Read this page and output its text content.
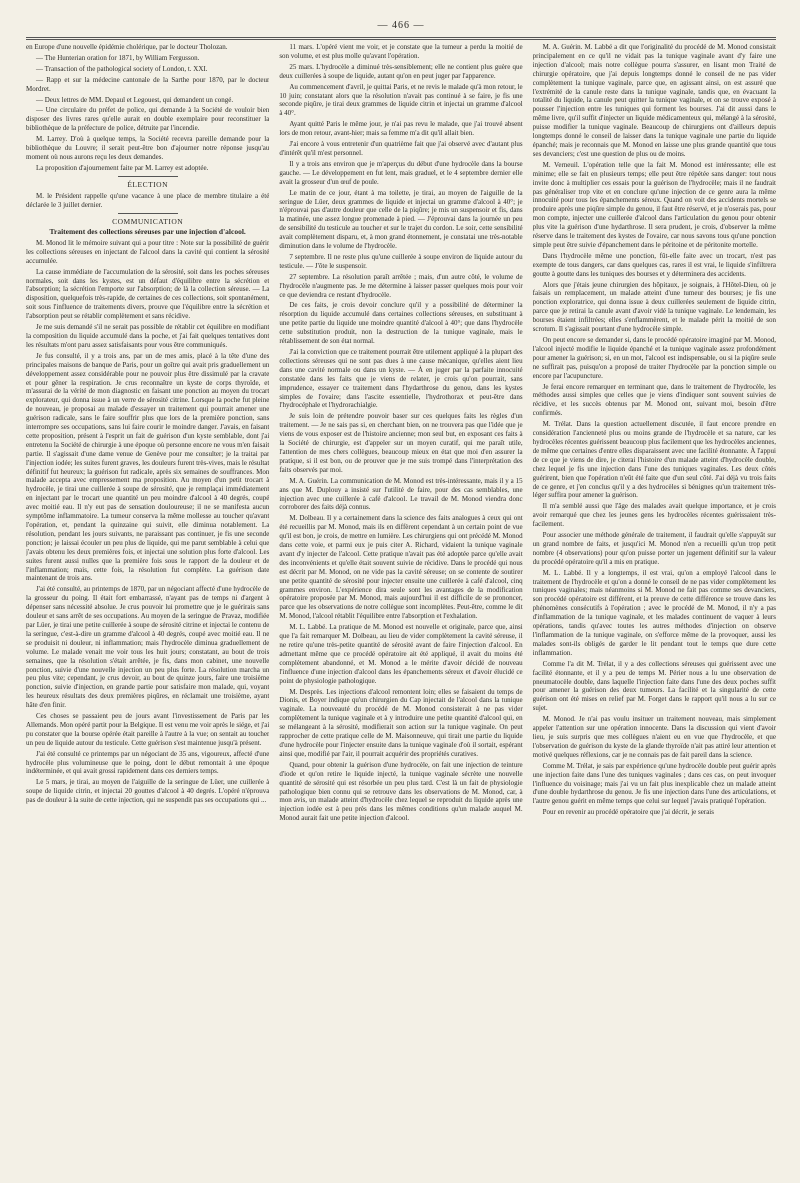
— 466 —

en Europe d'une nouvelle épidémie cholérique, par le docteur Tholozan.

— The Hunterian oration for 1871, by William Fergusson.

— Transaction of the pathological society of London, t. XXI.

— Rapp et sur la médecine cantonale de la Sarthe pour 1870, par le docteur Mordret.

— Deux lettres de MM. Depaul et Legouest, qui demandent un congé.

— Une circulaire du préfet de police, qui demande à la Société de vouloir bien disposer des livres rares qu'elle aurait en double exemplaire pour reconstituer la bibliothèque de la préfecture de police, détruite par l'incendie.

M. Larrey. D'où à quelque temps, la Société recevra pareille demande pour la bibliothèque du Louvre; il serait peut-être bon d'ajourner notre réponse jusqu'au moment où nous aurons reçu les deux demandes.

La proposition d'ajournement faite par M. Larrey est adoptée.

ÉLECTION

M. le Président rappelle qu'une vacance à une place de membre titulaire a été déclarée le 3 juillet dernier.

COMMUNICATION
Traitement des collections séreuses par une injection d'alcool.

M. Monod lit le mémoire suivant qui a pour titre : Note sur la possibilité de guérir les collections séreuses en injectant de l'alcool dans la cavité qui contient la sérosité accumulée.

La cause immédiate de l'accumulation de la sérosité, soit dans les poches séreuses normales, soit dans les kystes, est un défaut d'équilibre entre la sécrétion et l'absorption; la sécrétion l'emporte sur l'absorption; de là la collection séreuse. — La disposition, quelquefois très-rapide, de certaines de ces collections, soit spontanément, soit sous l'influence de traitements divers, prouve que l'équilibre entre la sécrétion et l'absorption peut se rétablir complètement et sans récidive.

Je me suis demandé s'il ne serait pas possible de rétablir cet équilibre en modifiant la composition du liquide accumulé dans la poche, et j'ai fait quelques tentatives dont les résultats m'ont paru assez satisfaisants pour vous être communiqués.

Je fus consulté, il y a trois ans, par un de mes amis, placé à la tête d'une des principales maisons de banque de Paris, pour un goître qui avait pris graduellement un développement assez considérable pour ne pouvoir plus être dissimulé par la cravate et pour gêner la respiration. Je crus reconnaître un kyste de corps thyroïde, et m'assurai de la vérité de mon diagnostic en faisant une ponction au moyen du trocart explorateur, qui donna issue à un verre de sérosité citrine. Lorsque la poche fut pleine de nouveau, je proposai au malade d'essayer un traitement qui pourrait amener une guérison radicale, sans le faire souffrir plus que lors de la première ponction, sans interrompre ses occupations, sans lui faire courir le moindre danger. J'avais, en faisant cette proposition, présent à l'esprit un fait de guérison d'un kyste semblable, dont j'ai entretenu la Société de chirurgie à une époque où personne encore ne vous m'en faisait partie. Il s'agissait d'une dame venue de Genève pour me consulter; je la traitai par l'injection iodée; les suites furent graves, les douleurs furent très-vives, mais le résultat définitif fut heureux; la guérison fut radicale, après six semaines de souffrances. Mon malade accepta avec empressement ma proposition. Au moyen d'un petit trocart à hydrocèle, je tirai une cuillerée à soupe de sérosité, que je remplaçai immédiatement en injectant par le trocart une quantité un peu moindre d'alcool à 40 degrés, coupé avec moitié eau. Il n'y eut pas de sensation douloureuse; il ne se manifesta aucun symptôme inflammatoire. La tumeur conserva la même mollesse au toucher qu'avant l'opération, et, pendant la quinzaine qui suivit, elle diminua notablement. La résolution, pendant les jours suivants, ne paraissant pas continuer, je fis une seconde ponction; je laissai écouler un peu plus de liquide, qui me parut semblable à celui que j'avais obtenu les deux premières fois, et injectai une solution plus forte d'alcool. Les suites furent aussi nulles que la première fois sous le rapport de la douleur et de l'inflammation; mais, cette fois, la résolution fut complète. La guérison date maintenant de trois ans.

J'ai été consulté, au printemps de 1870, par un négociant affecté d'une hydrocèle de la grosseur du poing. Il était fort embarrassé, n'ayant pas de temps ni d'argent à dépenser sans nécessité absolue. Je crus pouvoir lui promettre que je le guérirais sans douleur et sans arrêt de ses occupations. Au moyen de la seringue de Pravaz, modifiée par Lüer, je tirai une petite cuillerée à soupe de sérosité citrine et injectai le contenu de la seringue, c'est-à-dire un gramme d'alcool à 40 degrés, coupé avec moitié eau. Il ne se produisit ni douleur, ni inflammation; mais l'hydrocèle diminua graduellement de volume. Le malade venait me voir tous les huit jours; constatant, au bout de trois semaines, que la résolution s'était arrêtée, je fis, dans mon cabinet, une nouvelle ponction, suivie d'une nouvelle injection un peu plus forte. La résolution marcha un peu plus vite; cependant, je crus devoir, au bout de quinze jours, faire une troisième ponction, suivie d'injection, en grande partie pour satisfaire mon malade, qui, voyant les heureux résultats des deux premières piqûres, en réclamait une troisième, ayant hâte d'en finir.

Ces choses se passaient peu de jours avant l'investissement de Paris par les Allemands. Mon opéré partit pour la Belgique. Il est venu me voir après le siége, et j'ai pu constater que la bourse opérée était pareille à l'autre à la vue; on sentait au toucher un peu de liquide autour du testicule. Cette guérison s'est maintenue jusqu'à présent.

J'ai été consulté ce printemps par un négociant de 35 ans, vigoureux, affecté d'une hydrocèle plus volumineuse que le poing, dont le début remontait à une époque indéterminée, et qui avait grossi rapidement dans ces derniers temps.

Le 5 mars, je tirai, au moyen de l'aiguille de la seringue de Lüer, une cuillerée à soupe de liquide citrin, et injectai 20 gouttes d'alcool à 40 degrés. L'opéré n'éprouva pas de douleur à la suite de cette injection, qui ne suspendit pas ses occupations qui ...

11 mars. L'opéré vient me voir, et je constate que la tumeur a perdu la moitié de son volume, et est plus molle qu'avant l'opération.

25 mars. L'hydrocèle a diminué très-sensiblement; elle ne contient plus guère que deux cuillerées à soupe de liquide, autant qu'on en peut juger par l'apparence.

Au commencement d'avril, je quittai Paris, et ne revis le malade qu'à mon retour, le 10 juin; constatant alors que la résolution n'avait pas continué à se faire, je fis une seconde piqûre, je tirai deux grammes de liquide citrin et injectai un gramme d'alcool à 40°.

Ayant quitté Paris le même jour, je n'ai pas revu le malade, que j'ai trouvé absent lors de mon retour, avant-hier; mais sa femme m'a dit qu'il allait bien.

J'ai encore à vous entretenir d'un quatrième fait que j'ai observé avec d'autant plus d'intérêt qu'il m'est personnel.

Il y a trois ans environ que je m'aperçus du début d'une hydrocèle dans la bourse gauche. — Le développement en fut lent, mais graduel, et le 4 septembre dernier elle avait la grosseur d'un œuf de poule.

Le matin de ce jour, étant à ma toilette, je tirai, au moyen de l'aiguille de la seringue de Lüer, deux grammes de liquide et injectai un gramme d'alcool à 40°; je n'éprouvai pas d'autre douleur que celle de la piqûre; je mis un suspensoir et fis, dans la matinée, une assez longue promenade à pied. — J'éprouvai dans la journée un peu de sensibilité du testicule au toucher et sur le trajet du cordon. Le soir, cette sensibilité avait complètement disparu, et, à mon grand étonnement, je constatai une très-notable diminution dans le volume de l'hydrocèle.

7 septembre. Il ne reste plus qu'une cuillerée à soupe environ de liquide autour du testicule. — J'ôte le suspensoir.

27 septembre. La résolution paraît arrêtée ; mais, d'un autre côté, le volume de l'hydrocèle n'augmente pas. Je me détermine à laisser passer quelques mois pour voir ce que deviendra ce restant d'hydrocèle.

De ces faits, je crois devoir conclure qu'il y a possibilité de déterminer la résorption du liquide accumulé dans certaines collections séreuses, en substituant à une petite partie du liquide une moindre quantité d'alcool à 40°; que dans l'hydrocèle cette substitution produit, non la destruction de la tunique vaginale, mais le rétablissement de son état normal.

J'ai la conviction que ce traitement pourrait être utilement appliqué à la plupart des collections séreuses qui ne sont pas dues à une cause mécanique, qu'elles aient lieu dans une cavité normale ou dans un kyste. — À en juger par la parfaite innocuité constatée dans les faits que je viens de relater, je crois qu'on pourrait, sans imprudence, essayer ce traitement dans l'hydarthrose du genou, dans les kystes simples de l'ovaire; dans l'ascite essentielle, l'hydrothorax et peut-être dans l'hydrocéphale et l'hydrorachialgie.

Je suis loin de prétendre pouvoir baser sur ces quelques faits les règles d'un traitement. — Je ne sais pas si, en cherchant bien, on ne trouvera pas que l'idée que je viens de vous exposer est de l'histoire ancienne; mon seul but, en exposant ces faits à la Société de chirurgie, est d'appeler sur un moyen curatif, qui me paraît utile, l'attention de mes chers collègues, beaucoup mieux en état que moi d'en assurer la pratique, si il est bon, ou de prouver que je me suis trompé dans l'interprétation des faits observés par moi.

M. A. Guérin. La communication de M. Monod est très-intéressante, mais il y a 15 ans que M. Duplouy a insisté sur l'utilité de faire, pour des cas semblables, une injection avec une cuillerée à café d'alcool. Le travail de M. Monod viendra donc corroborer des faits déjà connus.

M. Dolbeau. Il y a certainement dans la science des faits analogues à ceux qui ont été recueillis par M. Monod, mais ils en diffèrent cependant à un certain point de vue qu'il est bon, je crois, de mettre en lumière. Les chirurgiens qui ont précédé M. Monod dans cette voie, et parmi eux je puis citer A. Richard, vidaient la tunique vaginale avant d'y injecter de l'alcool. Cette pratique n'avait pas été adoptée parce qu'elle avait des inconvénients et qu'elle était souvent suivie de récidive. Dans le procédé qui nous est décrit par M. Monod, on ne vide pas la cavité séreuse; on se contente de soutirer une petite quantité de sérosité pour injecter ensuite une cuillerée à café d'alcool, cinq grammes environ. L'expérience dira seule sont les avantages de la modification opératoire proposée par M. Monod, mais aujourd'hui il est difficile de se prononcer, parce que les observations de notre collègue sont incomplètes. Peut-être, comme le dit M. Monod, l'alcool rétablit l'équilibre entre l'absorption et l'exhalation.

M. L. Labbé. La pratique de M. Monod est nouvelle et originale, parce que, ainsi que l'a fait remarquer M. Dolbeau, au lieu de vider complètement la cavité séreuse, il ne retire qu'une très-petite quantité de sérosité avant de faire l'injection d'alcool. En admettant même que ce procédé opératoire ait été appliqué, il avait du moins été complètement abandonné, et M. Monod a le mérite d'avoir décidé de nouveau l'influence d'une injection d'alcool dans les épanchements séreux et d'avoir élucidé ce point de physiologie pathologique.

M. Desprès. Les injections d'alcool remontent loin; elles se faisaient du temps de Dionis, et Boyer indique qu'un chirurgien du Cap injectait de l'alcool dans la tunique vaginale. La nouveauté du procédé de M. Monod consisterait à ne pas vider complètement la tunique vaginale et à y introduire une petite quantité d'alcool qui, en se mélangeant à la sérosité, modifierait son action sur la tunique vaginale. On peut rapprocher de cette pratique celle de M. Maisonneuve, qui tirait une partie du liquide d'une hydrocèle pour l'injecter ensuite dans la tunique vaginale d'où il sortait, espérant ainsi que, modifié par l'air, il pourrait acquérir des propriétés curatives.

Quand, pour obtenir la guérison d'une hydrocèle, on fait une injection de teinture d'iode et qu'on retire le liquide injecté, la tunique vaginale sécrète une nouvelle quantité de sérosité qui est résorbée un peu plus tard. C'est là un fait de physiologie pathologique bien connu qui se retrouve dans les observations de M. Monod, car, à mon avis, un malade atteint d'hydrocèle chez lequel se reproduit du liquide après une injection iodée est à peu près dans les mêmes conditions qu'un malade auquel M. Monod aurait fait une petite injection d'alcool.

M. A. Guérin. M. Labbé a dit que l'originalité du procédé de M. Monod consistait principalement en ce qu'il ne vidait pas la tunique vaginale avant d'y faire une injection d'alcool; mais notre collègue pourra s'assurer, en lisant mon Traité de chirurgie opératoire, que j'ai depuis longtemps donné le conseil de ne pas vider complètement la tunique vaginale, parce que, en agissant ainsi, on est assuré que l'extrémité de la canule reste dans la tunique vaginale, tandis que, en évacuant la totalité du liquide, la canule peut quitter la tunique vaginale, et on se trouve exposé à pousser l'injection entre les tuniques qui forment les bourses. J'ai dit aussi dans le même livre, qu'il suffit d'injecter un liquide médicamenteux qui, mélangé à la sérosité, puisse modifier la tunique vaginale. Beaucoup de chirurgiens ont d'ailleurs depuis longtemps donné le conseil de laisser dans la tunique vaginale une partie du liquide épanché; mais je reconnais que M. Monod en laisse une plus grande quantité que tous ses devanciers; c'est une question de plus ou de moins.

M. Verneuil. L'opération telle que la fait M. Monod est intéressante; elle est minime; elle se fait en plusieurs temps; elle peut être répétée sans danger: tout nous invite donc à multiplier ces essais pour la guérison de l'hydrocèle; mais il ne faudrait pas généraliser trop vite et en conclure qu'une injection de ce genre aura la même innocuité pour tous les épanchements séreux. Quand on voit des accidents mortels se produire après une piqûre simple du genou, il faut être réservé, et je n'oserais pas, pour mon compte, injecter une cuillerée d'alcool dans l'articulation du genou pour obtenir plus vite la guérison d'une hydarthrose. Il sera prudent, je crois, d'observer la même réserve dans le traitement des kystes de l'ovaire, car nous savons tous qu'une ponction simple peut être suivie d'épanchement dans le péritoine et de péritonite mortelle.

Dans l'hydrocèle même une ponction, fût-elle faite avec un trocart, n'est pas exempte de tous dangers, car dans quelques cas, rares il est vrai, le liquide s'infiltrera goutte à goutte dans les tuniques des bourses et y déterminera des accidents.

Alors que j'étais jeune chirurgien des hôpitaux, je soignais, à l'Hôtel-Dieu, où je faisais un remplacement, un malade atteint d'une tumeur des bourses; je fis une ponction exploratrice, qui donna issue à deux cuillerées seulement de liquide citrin, parce que je retirai la canule avant d'avoir vidé la tunique vaginale. Le lendemain, les bourses étaient infiltrées; elles s'enflammèrent, et le malade périt la moitié de son scrotum. Il s'agissait pourtant d'une hydrocèle simple.

On peut encore se demander si, dans le procédé opératoire imaginé par M. Monod, l'alcool injecté modifie le liquide épanché et la tunique vaginale assez profondément pour amener la guérison; si, en un mot, l'alcool est indispensable, ou si la piqûre seule ne suffirait pas, puisqu'on a proposé de traiter l'hydrocèle par la ponction simple ou encore par l'acupuncture.

Je ferai encore remarquer en terminant que, dans le traitement de l'hydrocèle, les méthodes aussi simples que celles que je viens d'indiquer sont souvent suivies de récidive, et les succès obtenus par M. Monod ont, suivant moi, besoin d'être confirmés.

M. Trélat. Dans la question actuellement discutée, il faut encore prendre en considération l'ancienneté plus ou moins grande de l'hydrocèle et sa nature, car les hydrocèles récentes guérissent beaucoup plus facilement que les hydrocèles anciennes, de même que certaines d'entre elles disparaissent avec une facilité étonnante. À l'appui de ce que je viens de dire, je citerai l'histoire d'un malade atteint d'hydrocèle double, chez lequel je fis une injection dans l'une des tuniques vaginales. Les deux côtés guérirent, bien que l'opération n'eût été faite que d'un seul côté. J'ai déjà vu trois faits de ce genre, et j'en conclus qu'il y a des hydrocèles si bénignes qu'un traitement très-léger suffira pour amener la guérison.

Il m'a semblé aussi que l'âge des malades avait quelque importance, et je crois avoir remarqué que chez les jeunes gens les hydrocèles récentes guérissaient très-facilement.

Pour associer une méthode générale de traitement, il faudrait qu'elle s'appuyât sur un grand nombre de faits, et jusqu'ici M. Monod n'en a recueilli qu'un trop petit nombre (4 observations) pour qu'on puisse porter un jugement définitif sur la valeur du procédé opératoire qu'il a mis en pratique.

M. L. Labbé. Il y a longtemps, il est vrai, qu'on a employé l'alcool dans le traitement de l'hydrocèle et qu'on a donné le conseil de ne pas vider complètement les tuniques vaginales; mais néanmoins si M. Monod ne fait pas comme ses devanciers, son procédé opératoire est différent, et la preuve de cette différence se trouve dans les phénomènes consécutifs à l'opération ; avec le procédé de M. Monod, il n'y a pas d'inflammation de la tunique vaginale, et les malades continuent de vaquer à leurs opérations, tandis qu'avec toutes les autres méthodes d'injection on observe l'inflammation de la tunique vaginale, on s'efforce même de la provoquer, aussi les malades sont-ils obligés de garder le lit pendant tout le temps que dure cette inflammation.

Comme l'a dit M. Trélat, il y a des collections séreuses qui guérissent avec une facilité étonnante, et il y a peu de temps M. Périer nous a lu une observation de pneumatocèle double, dans laquelle l'injection faite dans l'une des deux poches suffit pour amener la guérison des deux tumeurs. La facilité et la singularité de cette guérison ont été mises en relief par M. Forget dans le rapport qu'il nous a lu sur ce sujet.

M. Monod. Je n'ai pas voulu insituer un traitement nouveau, mais simplement appeler l'attention sur une opération innocente. Dans la discussion qui vient d'avoir lieu, je suis surpris que mes collègues n'aient eu en vue que l'hydrocèle, et que l'observation de guérison du kyste de la glande thyroïde n'ait pas attiré leur attention et motivé quelques réflexions, car je ne connais pas de fait pareil dans la science.

Comme M. Trélat, je sais par expérience qu'une hydrocèle double peut guérir après une injection faite dans l'une des tuniques vaginales ; dans ces cas, on peut invoquer l'influence du voisinage; mais j'ai vu un fait plus inexplicable chez un malade atteint d'une double hydarthrose du genou. Je fis une injection dans l'une des articulations, et l'autre genou guérit en même temps que celui sur lequel j'avais pratiqué l'opération.

Pour en revenir au procédé opératoire que j'ai décrit, je serais
